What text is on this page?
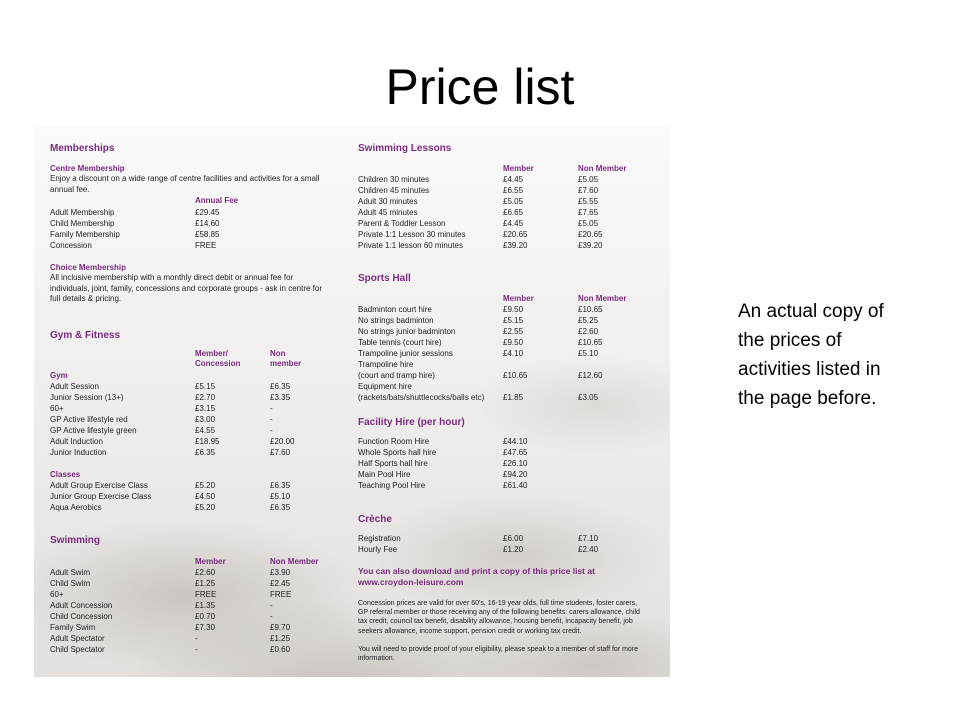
Price list
Memberships
Centre Membership
Enjoy a discount on a wide range of centre facilities and activities for a small annual fee.
Annual Fee
Adult Membership	£29.45
Child Membership	£14.60
Family Membership	£58.85
Concession	FREE
Choice Membership
All inclusive membership with a monthly direct debit or annual fee for individuals, joint, family, concessions and corporate groups - ask in centre for full details & pricing.
Gym & Fitness
Member/ Concession
Non member
Gym
Adult Session	£5.15	£6.35
Junior Session (13+)	£2.70	£3.35
60+	£3.15	-
GP Active lifestyle red	£3.00	-
GP Active lifestyle green	£4.55	-
Adult Induction	£18.95	£20.00
Junior Induction	£6.35	£7.60
Classes
Adult Group Exercise Class	£5.20	£6.35
Junior Group Exercise Class	£4.50	£5.10
Aqua Aerobics	£5.20	£6.35
Swimming
Member	Non Member
Adult Swim	£2.60	£3.90
Child Swim	£1.25	£2.45
60+	FREE	FREE
Adult Concession	£1.35	-
Child Concession	£0.70	-
Family Swim	£7.30	£9.70
Adult Spectator	-	£1.25
Child Spectator	-	£0.60
Swimming Lessons
Member	Non Member
Children 30 minutes	£4.45	£5.05
Children 45 minutes	£6.55	£7.60
Adult 30 minutes	£5.05	£5.55
Adult 45 minutes	£6.65	£7.65
Parent & Toddler Lesson	£4.45	£5.05
Private 1:1 Lesson 30 minutes	£20.65	£20.65
Private 1:1 lesson 60 minutes	£39.20	£39.20
Sports Hall
Member	Non Member
Badminton court hire	£9.50	£10.65
No strings badminton	£5.15	£5.25
No strings junior badminton	£2.55	£2.60
Table tennis (court hire)	£9.50	£10.65
Trampoline junior sessions	£4.10	£5.10
Trampoline hire
(court and tramp hire)	£10.65	£12.60
Equipment hire
(rackets/bats/shuttlecocks/balls etc) £1.85	£3.05
Facility Hire (per hour)
Function Room Hire	£44.10
Whole Sports hall hire	£47.65
Half Sports hall hire	£26.10
Main Pool Hire	£94.20
Teaching Pool Hire	£61.40
Crèche
Registration	£6.00	£7.10
Hourly Fee	£1.20	£2.40
You can also download and print a copy of this price list at www.croydon-leisure.com
Concession prices are valid for over 60's, 16-19 year olds, full time students, foster carers, GP referral member or those receiving any of the following benefits: carers allowance, child tax credit, council tax benefit, disability allowance, housing benefit, incapacity benefit, job seekers allowance, income support, pension credit or working tax credit.
You will need to provide proof of your eligibility, please speak to a member of staff for more information.
An actual copy of the prices of activities listed in the page before.
